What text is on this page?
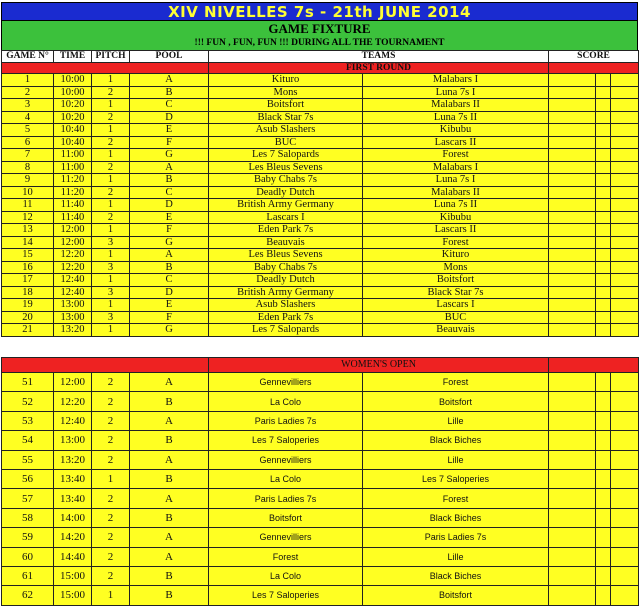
XIV NIVELLES 7s - 21th JUNE 2014
GAME FIXTURE
!!! FUN , FUN, FUN !!! DURING ALL THE TOURNAMENT
GAME N°	TIME	PITCH	POOL	TEAMS		SCORE		
				FIRST ROUND				
1	10:00	1	A	Kituro	Malabars I			
2	10:00	2	B	Mons	Luna 7s I			
3	10:20	1	C	Boitsfort	Malabars II			
4	10:20	2	D	Black Star 7s	Luna 7s II			
5	10:40	1	E	Asub Slashers	Kibubu			
6	10:40	2	F	BUC	Lascars II			
7	11:00	1	G	Les 7 Salopards	Forest			
8	11:00	2	A	Les Bleus Sevens	Malabars I			
9	11:20	1	B	Baby Chabs 7s	Luna 7s I			
10	11:20	2	C	Deadly Dutch	Malabars II			
11	11:40	1	D	British Army Germany	Luna 7s II			
12	11:40	2	E	Lascars I	Kibubu			
13	12:00	1	F	Eden Park 7s	Lascars II			
14	12:00	3	G	Beauvais	Forest			
15	12:20	1	A	Les Bleus Sevens	Kituro			
16	12:20	3	B	Baby Chabs 7s	Mons			
17	12:40	1	C	Deadly Dutch	Boitsfort			
18	12:40	3	D	British Army Germany	Black Star 7s			
19	13:00	1	E	Asub Slashers	Lascars I			
20	13:00	3	F	Eden Park 7s	BUC			
21	13:20	1	G	Les 7 Salopards	Beauvais			
				WOMEN'S OPEN				
51	12:00	2	A	Gennevilliers	Forest			
52	12:20	2	B	La Colo	Boitsfort			
53	12:40	2	A	Paris Ladies 7s	Lille			
54	13:00	2	B	Les 7 Saloperies	Black Biches			
55	13:20	2	A	Gennevilliers	Lille			
56	13:40	1	B	La Colo	Les 7 Saloperies			
57	13:40	2	A	Paris Ladies 7s	Forest			
58	14:00	2	B	Boitsfort	Black Biches			
59	14:20	2	A	Gennevilliers	Paris Ladies 7s			
60	14:40	2	A	Forest	Lille			
61	15:00	2	B	La Colo	Black Biches			
62	15:00	1	B	Les 7 Saloperies	Boitsfort			
